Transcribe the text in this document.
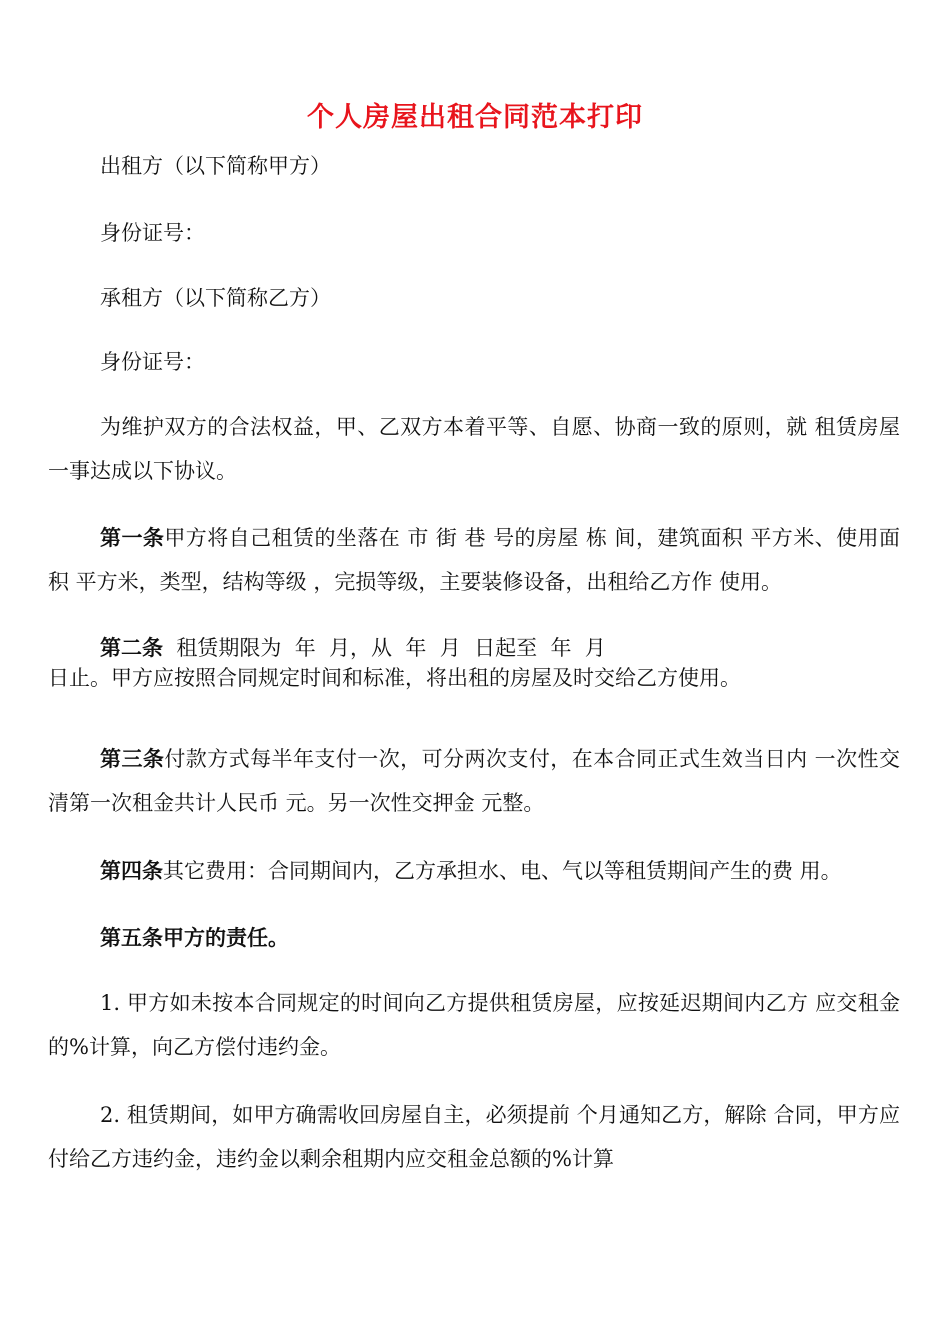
个人房屋出租合同范本打印
出租方（以下简称甲方）
身份证号：
承租方（以下简称乙方）
身份证号：
为维护双方的合法权益，甲、乙双方本着平等、自愿、协商一致的原则，就 租赁房屋一事达成以下协议。
第一条甲方将自己租赁的坐落在 市 街 巷 号的房屋 栋 间，建筑面积 平方米、使用面积 平方米，类型，结构等级 ，完损等级，主要装修设备，出租给乙方作 使用。
第二条  租赁期限为  年  月，从  年  月  日起至  年  月
日止。甲方应按照合同规定时间和标准，将出租的房屋及时交给乙方使用。
第三条付款方式每半年支付一次，可分两次支付，在本合同正式生效当日内 一次性交清第一次租金共计人民币 元。另一次性交押金 元整。
第四条其它费用：合同期间内，乙方承担水、电、气以等租赁期间产生的费 用。
第五条甲方的责任。
1. 甲方如未按本合同规定的时间向乙方提供租赁房屋，应按延迟期间内乙方 应交租金的%计算，向乙方偿付违约金。
2. 租赁期间，如甲方确需收回房屋自主，必须提前 个月通知乙方，解除 合同，甲方应付给乙方违约金，违约金以剩余租期内应交租金总额的%计算
